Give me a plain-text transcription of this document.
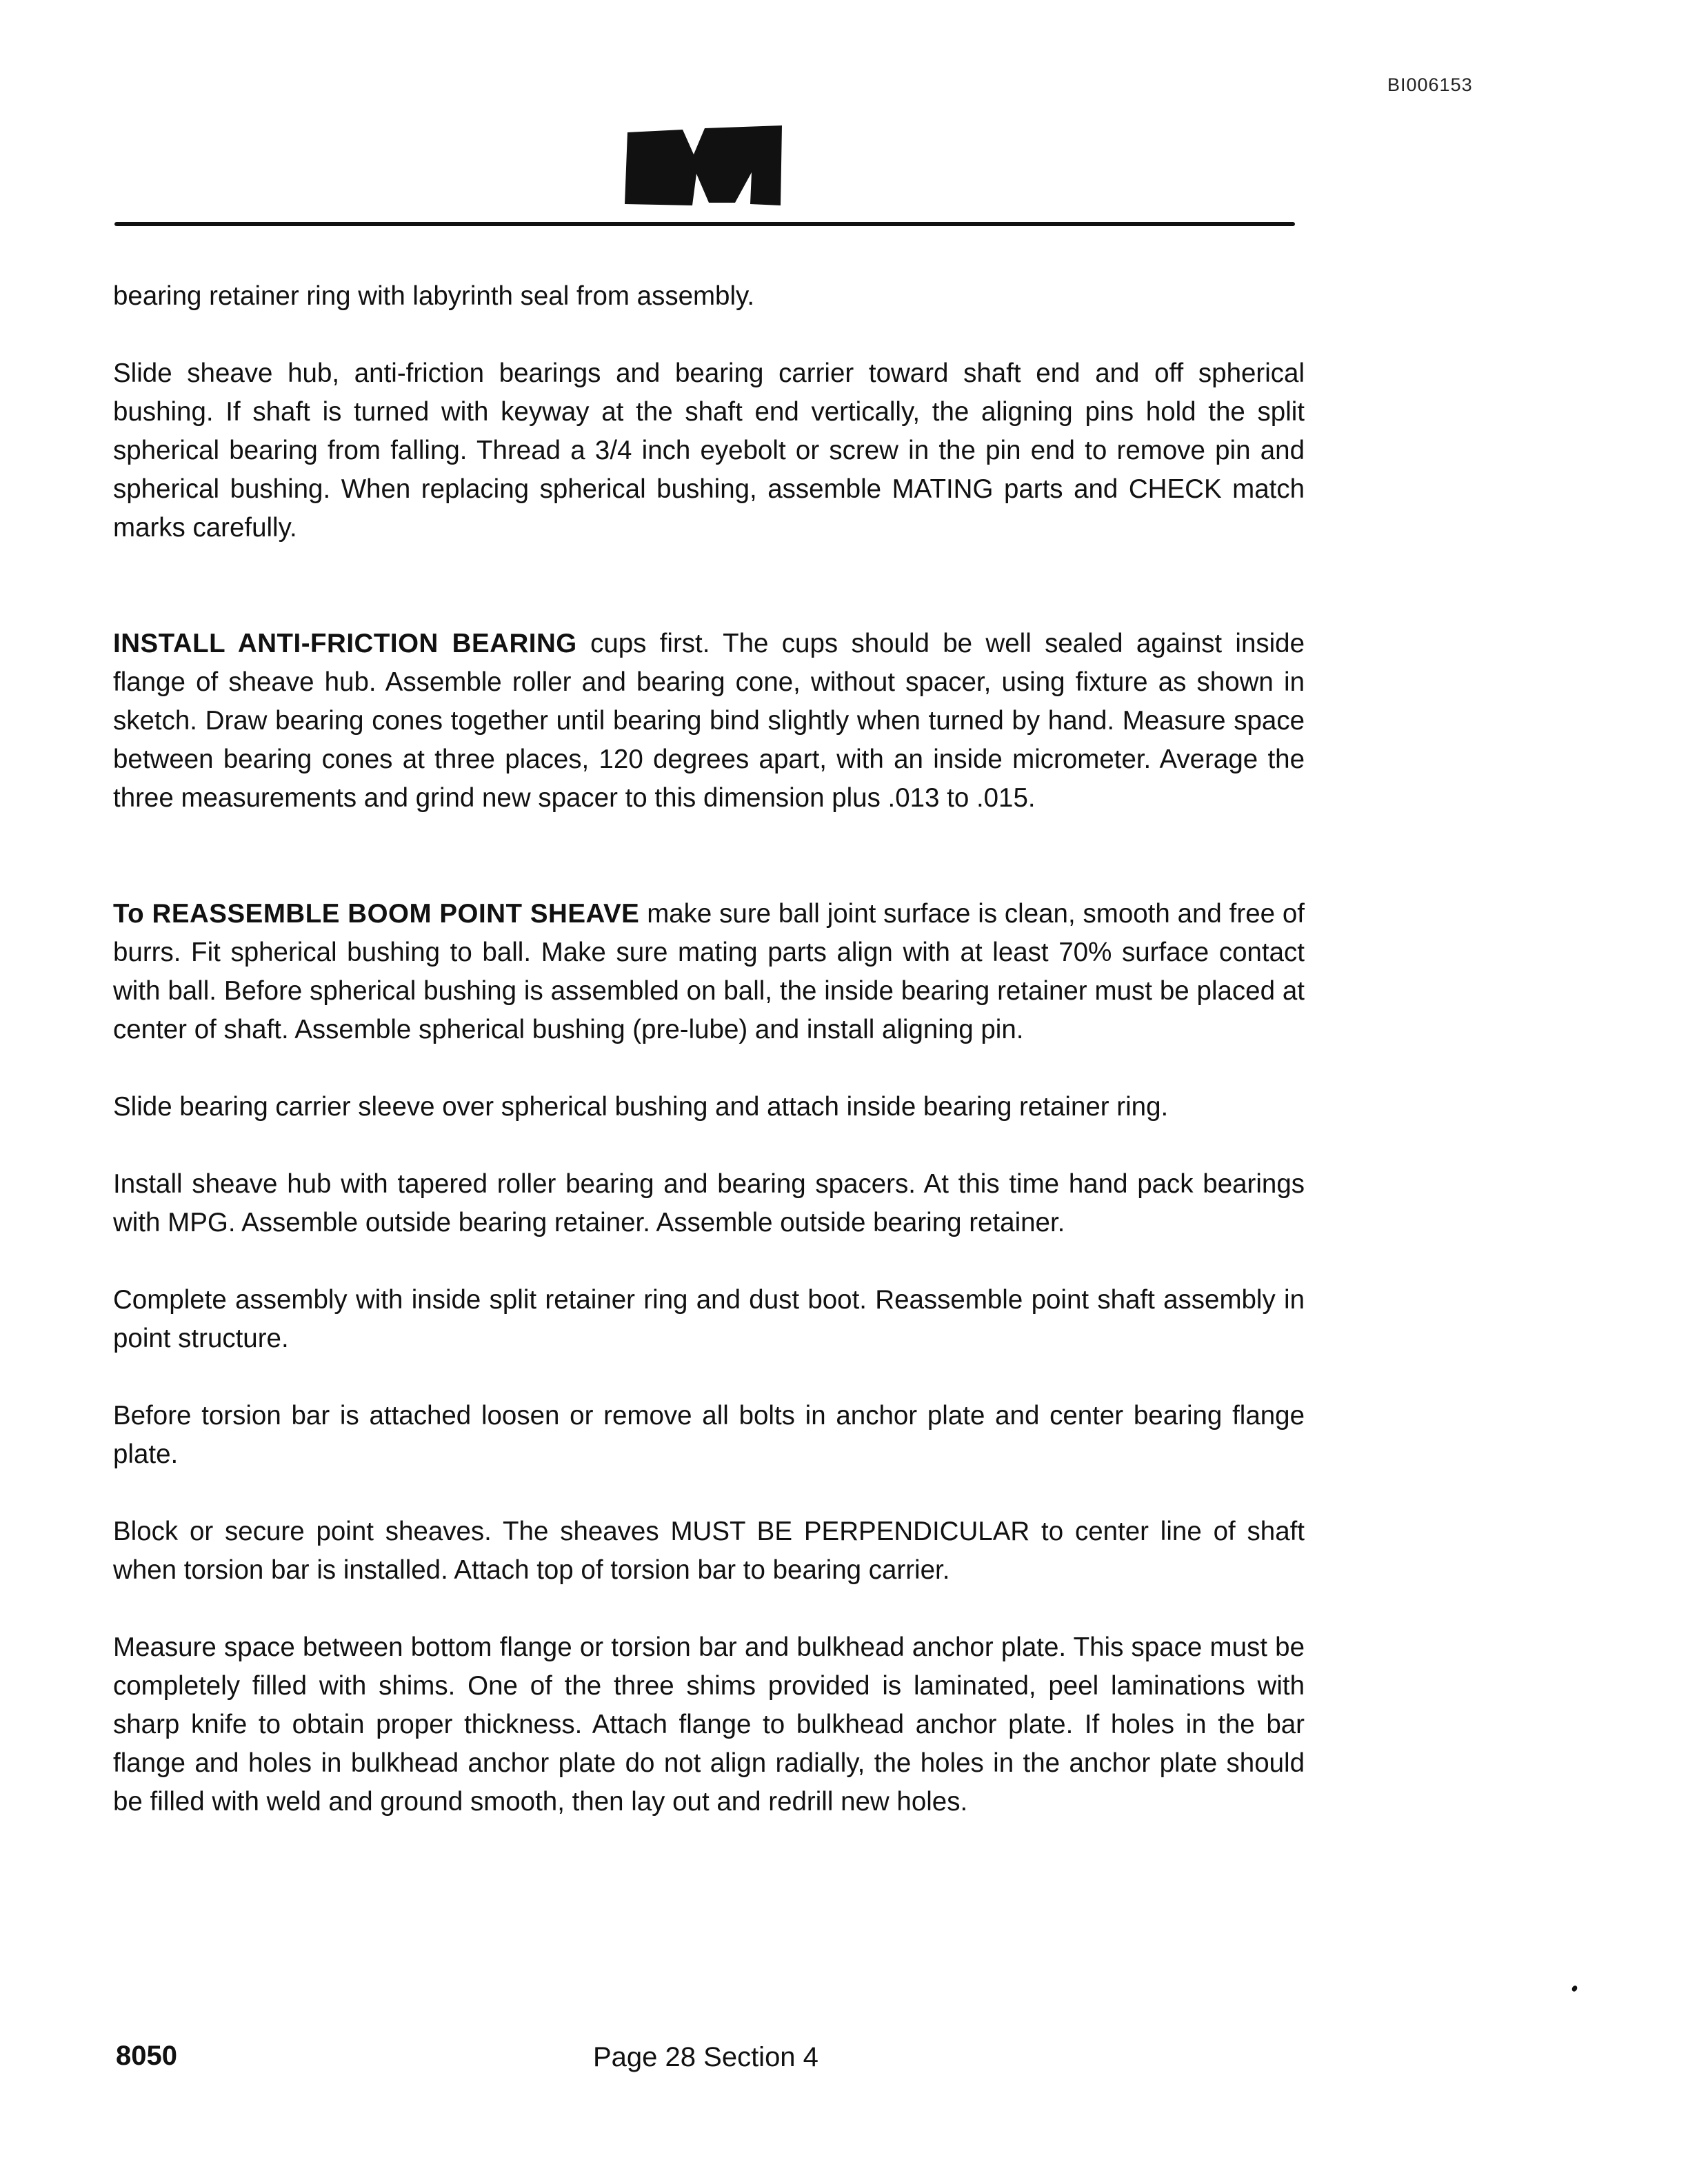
BI006153

bearing retainer ring with labyrinth seal from assembly.

Slide sheave hub, anti-friction bearings and bearing carrier toward shaft end and off spherical bushing. If shaft is turned with keyway at the shaft end vertically, the aligning pins hold the split spherical bearing from falling. Thread a 3/4 inch eyebolt or screw in the pin end to remove pin and spherical bushing. When replacing spherical bushing, assemble MATING parts and CHECK match marks carefully.

INSTALL ANTI-FRICTION BEARING cups first. The cups should be well sealed against inside flange of sheave hub. Assemble roller and bearing cone, without spacer, using fixture as shown in sketch. Draw bearing cones together until bearing bind slightly when turned by hand. Measure space between bearing cones at three places, 120 degrees apart, with an inside micrometer. Average the three measurements and grind new spacer to this dimension plus .013 to .015.

To REASSEMBLE BOOM POINT SHEAVE make sure ball joint surface is clean, smooth and free of burrs. Fit spherical bushing to ball. Make sure mating parts align with at least 70% surface contact with ball. Before spherical bushing is assembled on ball, the inside bearing retainer must be placed at center of shaft. Assemble spherical bushing (pre-lube) and install aligning pin.

Slide bearing carrier sleeve over spherical bushing and attach inside bearing retainer ring.

Install sheave hub with tapered roller bearing and bearing spacers. At this time hand pack bearings with MPG. Assemble outside bearing retainer. Assemble outside bearing retainer.

Complete assembly with inside split retainer ring and dust boot. Reassemble point shaft assembly in point structure.

Before torsion bar is attached loosen or remove all bolts in anchor plate and center bearing flange plate.

Block or secure point sheaves. The sheaves MUST BE PERPENDICULAR to center line of shaft when torsion bar is installed. Attach top of torsion bar to bearing carrier.

Measure space between bottom flange or torsion bar and bulkhead anchor plate. This space must be completely filled with shims. One of the three shims provided is laminated, peel laminations with sharp knife to obtain proper thickness. Attach flange to bulkhead anchor plate. If holes in the bar flange and holes in bulkhead anchor plate do not align radially, the holes in the anchor plate should be filled with weld and ground smooth, then lay out and redrill new holes.

8050	Page 28 Section 4
